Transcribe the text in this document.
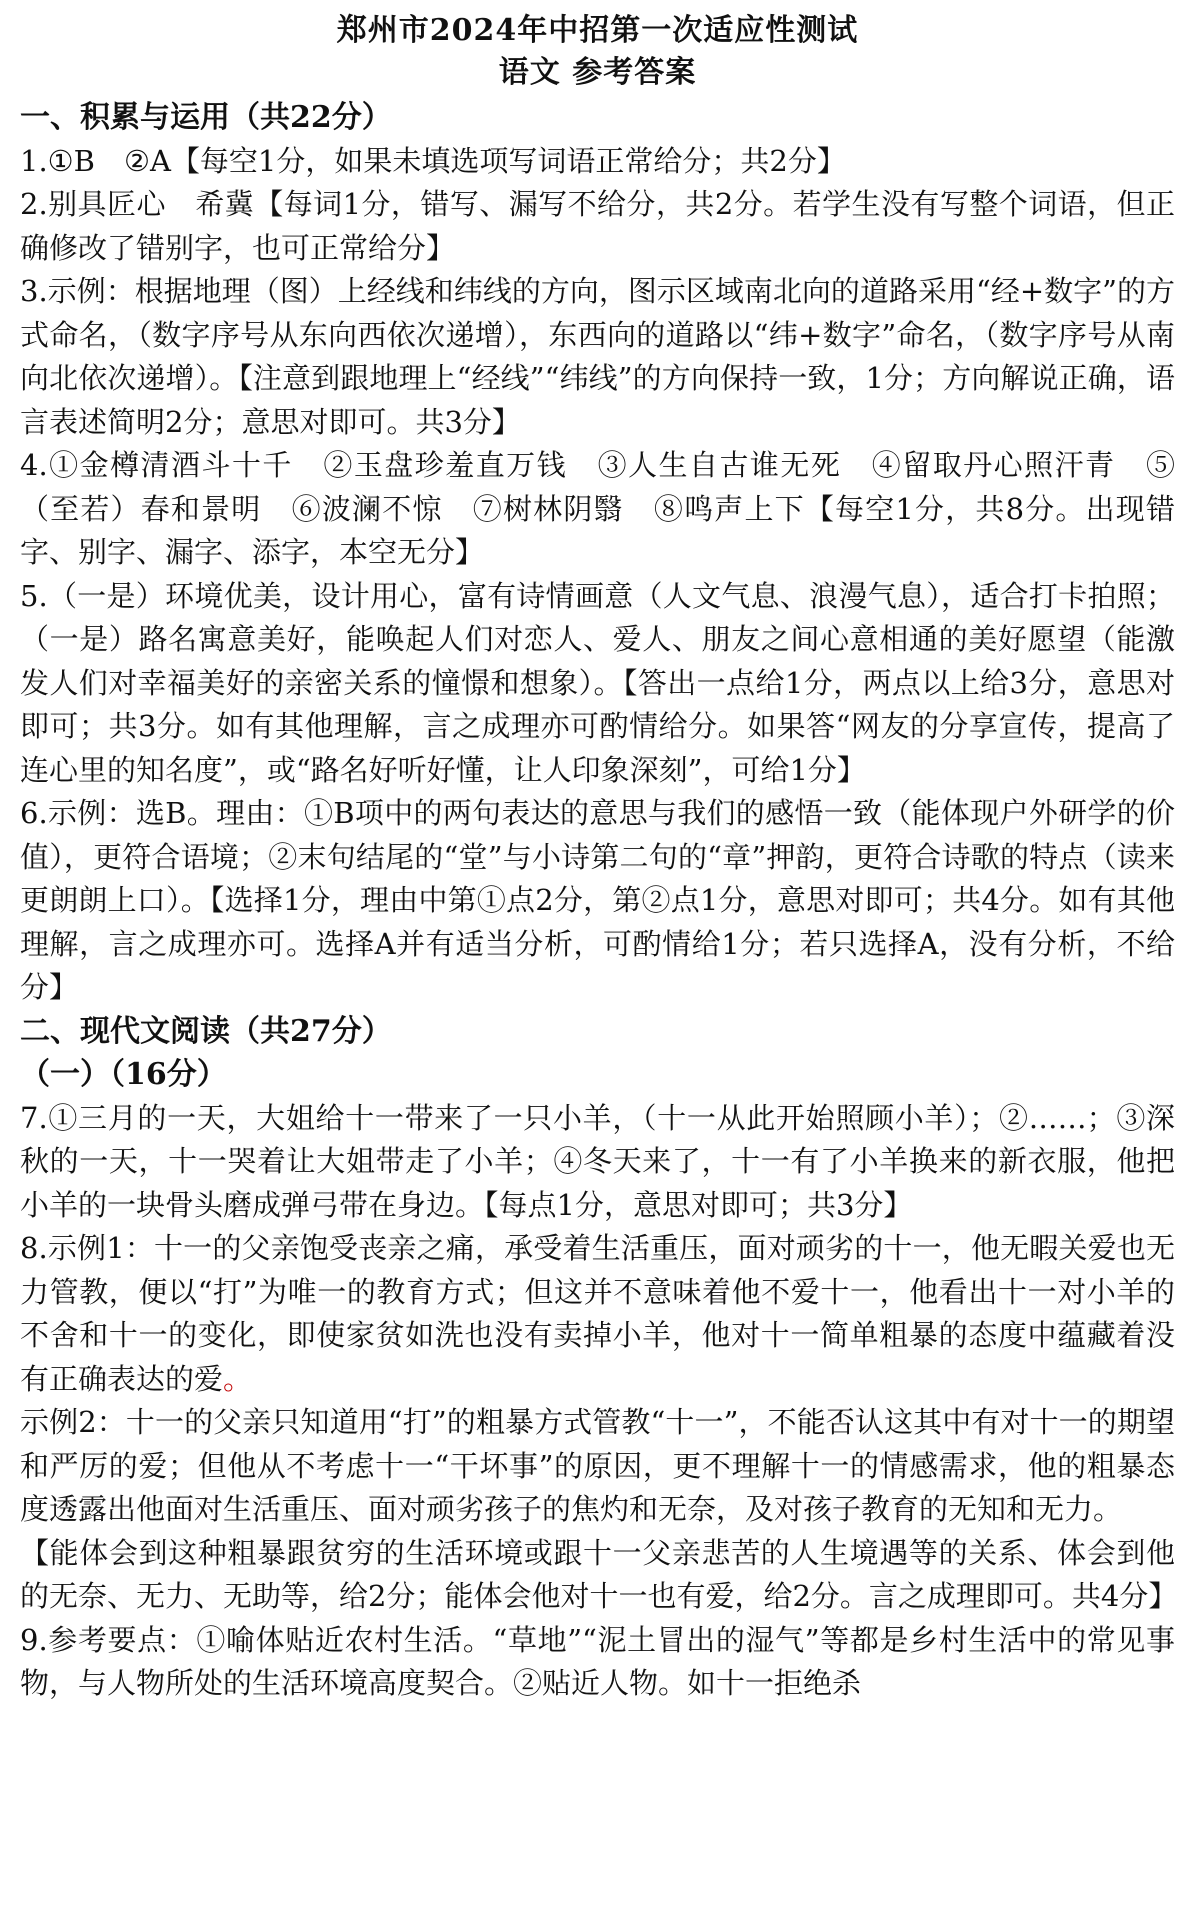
郑州市2024年中招第一次适应性测试
语文 参考答案
一、积累与运用（共22分）

1.①B　②A【每空1分，如果未填选项写词语正常给分；共2分】

2.别具匠心　希冀【每词1分，错写、漏写不给分，共2分。若学生没有写整个词语，但正确修改了错别字，也可正常给分】

3.示例：根据地理（图）上经线和纬线的方向，图示区域南北向的道路采用“经+数字”的方式命名，（数字序号从东向西依次递增），东西向的道路以“纬+数字”命名，（数字序号从南向北依次递增）。【注意到跟地理上“经线”“纬线”的方向保持一致，1分；方向解说正确，语言表述简明2分；意思对即可。共3分】

4.①金樽清酒斗十千　②玉盘珍羞直万钱　③人生自古谁无死　④留取丹心照汗青　⑤（至若）春和景明　⑥波澜不惊　⑦树林阴翳　⑧鸣声上下【每空1分，共8分。出现错字、别字、漏字、添字，本空无分】

5.（一是）环境优美，设计用心，富有诗情画意（人文气息、浪漫气息），适合打卡拍照；（一是）路名寓意美好，能唤起人们对恋人、爱人、朋友之间心意相通的美好愿望（能激发人们对幸福美好的亲密关系的憧憬和想象）。【答出一点给1分，两点以上给3分，意思对即可；共3分。如有其他理解，言之成理亦可酌情给分。如果答“网友的分享宣传，提高了连心里的知名度”，或“路名好听好懂，让人印象深刻”，可给1分】

6.示例：选B。理由：①B项中的两句表达的意思与我们的感悟一致（能体现户外研学的价值），更符合语境；②末句结尾的“堂”与小诗第二句的“章”押韵，更符合诗歌的特点（读来更朗朗上口）。【选择1分，理由中第①点2分，第②点1分，意思对即可；共4分。如有其他理解，言之成理亦可。选择A并有适当分析，可酌情给1分；若只选择A，没有分析，不给分】

二、现代文阅读（共27分）
（一）（16分）

7.①三月的一天，大姐给十一带来了一只小羊，（十一从此开始照顾小羊）；②……；③深秋的一天，十一哭着让大姐带走了小羊；④冬天来了，十一有了小羊换来的新衣服，他把小羊的一块骨头磨成弹弓带在身边。【每点1分，意思对即可；共3分】

8.示例1：十一的父亲饱受丧亲之痛，承受着生活重压，面对顽劣的十一，他无暇关爱也无力管教，便以“打”为唯一的教育方式；但这并不意味着他不爱十一，他看出十一对小羊的不舍和十一的变化，即使家贫如洗也没有卖掉小羊，他对十一简单粗暴的态度中蕴藏着没有正确表达的爱。

示例2：十一的父亲只知道用“打”的粗暴方式管教“十一”，不能否认这其中有对十一的期望和严厉的爱；但他从不考虑十一“干坏事”的原因，更不理解十一的情感需求，他的粗暴态度透露出他面对生活重压、面对顽劣孩子的焦灼和无奈，及对孩子教育的无知和无力。

【能体会到这种粗暴跟贫穷的生活环境或跟十一父亲悲苦的人生境遇等的关系、体会到他的无奈、无力、无助等，给2分；能体会他对十一也有爱，给2分。言之成理即可。共4分】

9.参考要点：①喻体贴近农村生活。“草地”“泥土冒出的湿气”等都是乡村生活中的常见事物，与人物所处的生活环境高度契合。②贴近人物。如十一拒绝杀
